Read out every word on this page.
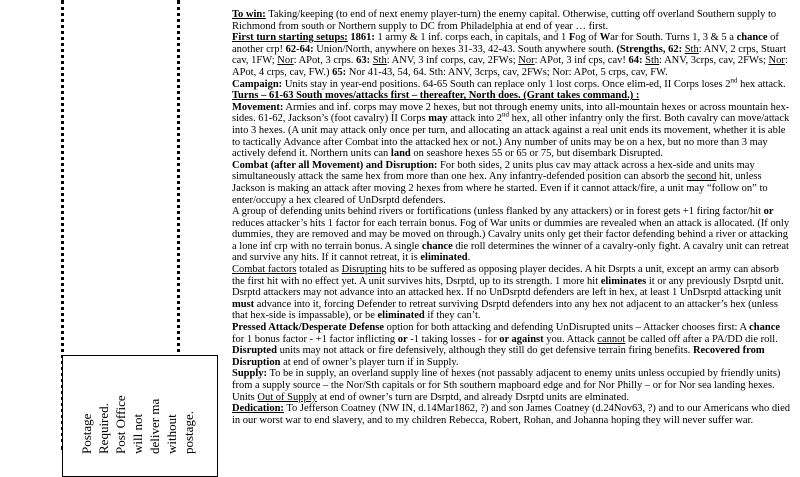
Postage Required. Post Office will not deliver ma without postage.

To win: Taking/keeping (to end of next enemy player-turn) the enemy capital. Otherwise, cutting off overland Southern supply to Richmond from south or Northern supply to DC from Philadelphia at end of year … first.

First turn starting setups: 1861: 1 army & 1 inf. corps each, in capitals, and 1 Fog of War for South. Turns 1, 3 & 5 a chance of another crp! 62-64: Union/North, anywhere on hexes 31-33, 42-43. South anywhere south. (Strengths, 62: Sth: ANV, 2 crps, Stuart cav, 1FW; Nor: APot, 3 crps. 63: Sth: ANV, 3 inf corps, cav, 2FWs; Nor: APot, 3 inf cps, cav! 64: Sth: ANV, 3crps, cav, 2FWs; Nor: APot, 4 crps, cav, FW.) 65: Nor 41-43, 54, 64. Sth: ANV, 3crps, cav, 2FWs; Nor: APot, 5 crps, cav, FW.

Campaign: Units stay in year-end positions. 64-65 South can replace only 1 lost corps. Once elim-ed, II Corps loses 2nd hex attack.

Turns – 61-63 South moves/attacks first – thereafter, North does. (Grant takes command.) :

Movement: Armies and inf. corps may move 2 hexes, but not through enemy units, into all-mountain hexes or across mountain hex-sides. 61-62, Jackson’s (foot cavalry) II Corps may attack into 2nd hex, all other infantry only the first. Both cavalry can move/attack into 3 hexes. (A unit may attack only once per turn, and allocating an attack against a real unit ends its movement, whether it is able to tactically Advance after Combat into the attacked hex or not.) Any number of units may be on a hex, but no more than 3 may actively defend it. Northern units can land on seashore hexes 55 or 65 or 75, but disembark Disrupted.

Combat (after all Movement) and Disruption: For both sides, 2 units plus cav may attack across a hex-side and units may simultaneously attack the same hex from more than one hex. Any infantry-defended position can absorb the second hit, unless Jackson is making an attack after moving 2 hexes from where he started. Even if it cannot attack/fire, a unit may “follow on” to enter/occupy a hex cleared of UnDsrptd defenders.

A group of defending units behind rivers or fortifications (unless flanked by any attackers) or in forest gets +1 firing factor/hit or reduces attacker’s hits 1 factor for each terrain bonus. Fog of War units or dummies are revealed when an attack is allocated. (If only dummies, they are removed and may be moved on through.) Cavalry units only get their factor defending behind a river or attacking a lone inf crp with no terrain bonus. A single chance die roll determines the winner of a cavalry-only fight. A cavalry unit can retreat and survive any hits. If it cannot retreat, it is eliminated.

Combat factors totaled as Disrupting hits to be suffered as opposing player decides. A hit Dsrpts a unit, except an army can absorb the first hit with no effect yet. A unit survives hits, Dsrptd, up to its strength. 1 more hit eliminates it or any previously Dsrptd unit. Dsrptd attackers may not advance into an attacked hex. If no UnDsrptd defenders are left in hex, at least 1 UnDsrptd attacking unit must advance into it, forcing Defender to retreat surviving Dsrptd defenders into any hex not adjacent to an attacker’s hex (unless that hex-side is impassable), or be eliminated if they can’t.

Pressed Attack/Desperate Defense option for both attacking and defending UnDisrupted units – Attacker chooses first: A chance for 1 bonus factor - +1 factor inflicting or -1 taking losses - for or against you. Attack cannot be called off after a PA/DD die roll.

Disrupted units may not attack or fire defensively, although they still do get defensive terrain firing benefits. Recovered from Disruption at end of owner’s player turn if in Supply.

Supply: To be in supply, an overland supply line of hexes (not passably adjacent to enemy units unless occupied by friendly units) from a supply source – the Nor/Sth capitals or for Sth southern mapboard edge and for Nor Philly – or for Nor sea landing hexes. Units Out of Supply at end of owner’s turn are Dsrptd, and already Dsrptd units are elminated.

Dedication: To Jefferson Coatney (NW IN, d.14Mar1862, ?) and son James Coatney (d.24Nov63, ?) and to our Americans who died in our worst war to end slavery, and to my children Rebecca, Robert, Rohan, and Johanna hoping they will never suffer war.
